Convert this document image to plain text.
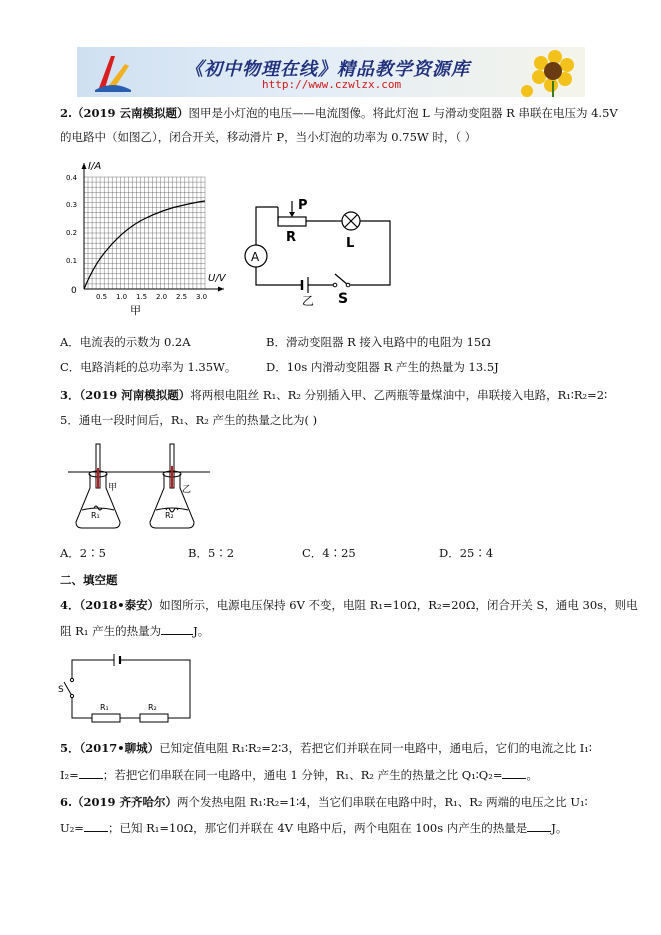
《初中物理在线》精品教学资源库
http://www.czwlzx.com
2.（2019 云南模拟题）图甲是小灯泡的电压——电流图像。将此灯泡 L 与滑动变阻器 R 串联在电压为 4.5V
的电路中（如图乙），闭合开关，移动滑片 P，当小灯泡的功率为 0.75W 时，（ ）
I/A
U/V
0
0.4
0.3
0.2
0.1
0.5 1.0 1.5 2.0 2.5 3.0
甲
P
R	L
A
S
乙
A．电流表的示数为 0.2A	B．滑动变阻器 R 接入电路中的电阻为 15Ω
C．电路消耗的总功率为 1.35W。	D．10s 内滑动变阻器 R 产生的热量为 13.5J
3．（2019 河南模拟题）将两根电阻丝 R₁、R₂ 分别插入甲、乙两瓶等量煤油中，串联接入电路，R₁∶R₂=2∶
5．通电一段时间后，R₁、R₂ 产生的热量之比为( )
甲	乙
R₁	R₂
A．2∶5	B．5∶2	C．4∶25	D．25∶4
二、填空题
4．（2018•泰安）如图所示，电源电压保持 6V 不变，电阻 R₁=10Ω，R₂=20Ω，闭合开关 S，通电 30s，则电
阻 R₁ 产生的热量为	J。
S
R₁	R₂
5．（2017•聊城）已知定值电阻 R₁∶R₂=2∶3，若把它们并联在同一电路中，通电后，它们的电流之比 I₁∶
I₂= ；若把它们串联在同一电路中，通电 1 分钟，R₁、R₂ 产生的热量之比 Q₁∶Q₂= 。
6.（2019 齐齐哈尔）两个发热电阻 R₁∶R₂=1∶4，当它们串联在电路中时，R₁、R₂ 两端的电压之比 U₁∶
U₂= ；已知 R₁=10Ω，那它们并联在 4V 电路中后，两个电阻在 100s 内产生的热量是 J。
